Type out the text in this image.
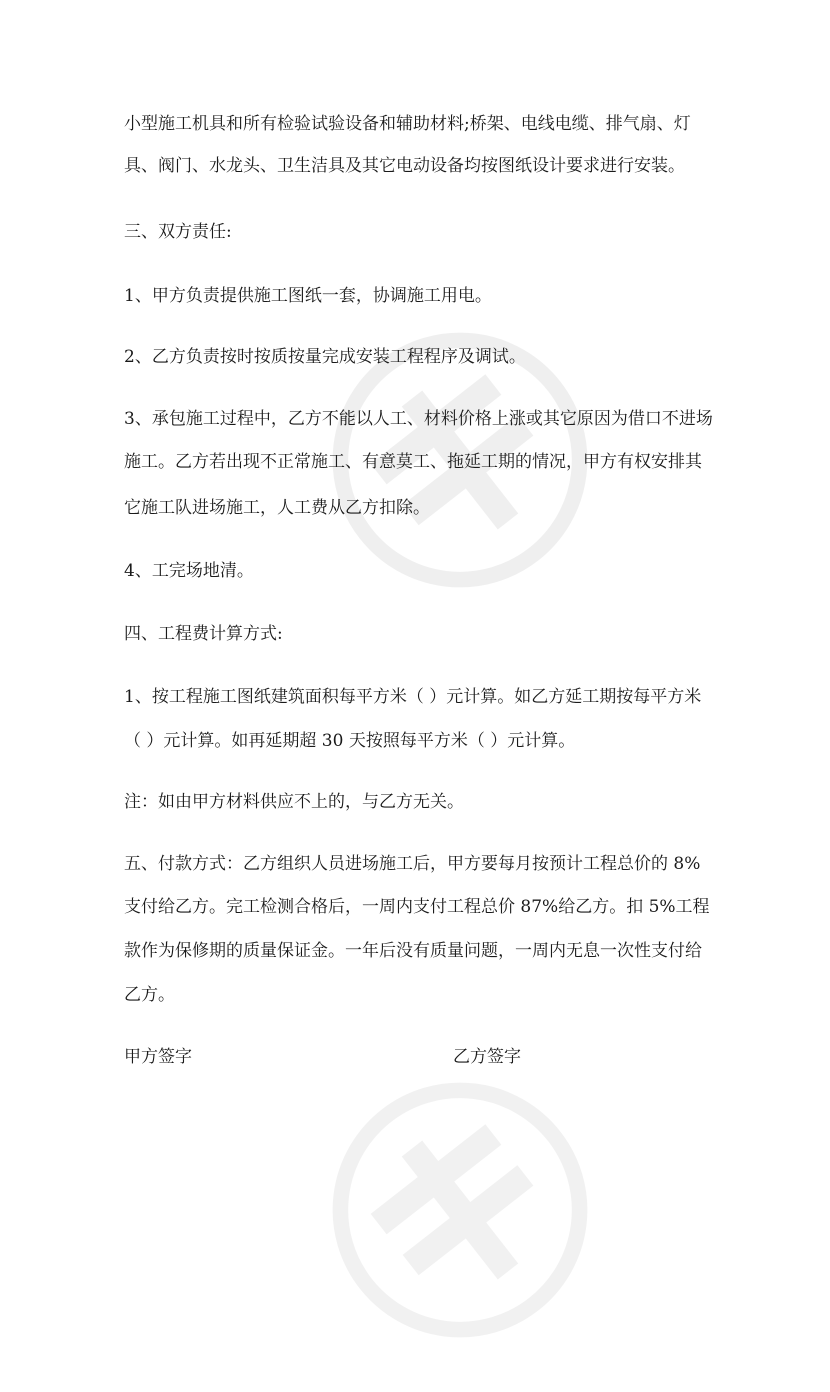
小型施工机具和所有检验试验设备和辅助材料;桥架、电线电缆、排气扇、灯
具、阀门、水龙头、卫生洁具及其它电动设备均按图纸设计要求进行安装。
三、双方责任:
1、甲方负责提供施工图纸一套，协调施工用电。
2、乙方负责按时按质按量完成安装工程程序及调试。
3、承包施工过程中，乙方不能以人工、材料价格上涨或其它原因为借口不进场
施工。乙方若出现不正常施工、有意莫工、拖延工期的情况，甲方有权安排其
它施工队进场施工，人工费从乙方扣除。
4、工完场地清。
四、工程费计算方式:
1、按工程施工图纸建筑面积每平方米（ ）元计算。如乙方延工期按每平方米
（ ）元计算。如再延期超 30 天按照每平方米（ ）元计算。
注：如由甲方材料供应不上的，与乙方无关。
五、付款方式：乙方组织人员进场施工后，甲方要每月按预计工程总价的 8%
支付给乙方。完工检测合格后，一周内支付工程总价 87%给乙方。扣 5%工程
款作为保修期的质量保证金。一年后没有质量问题，一周内无息一次性支付给
乙方。
甲方签字	乙方签字
